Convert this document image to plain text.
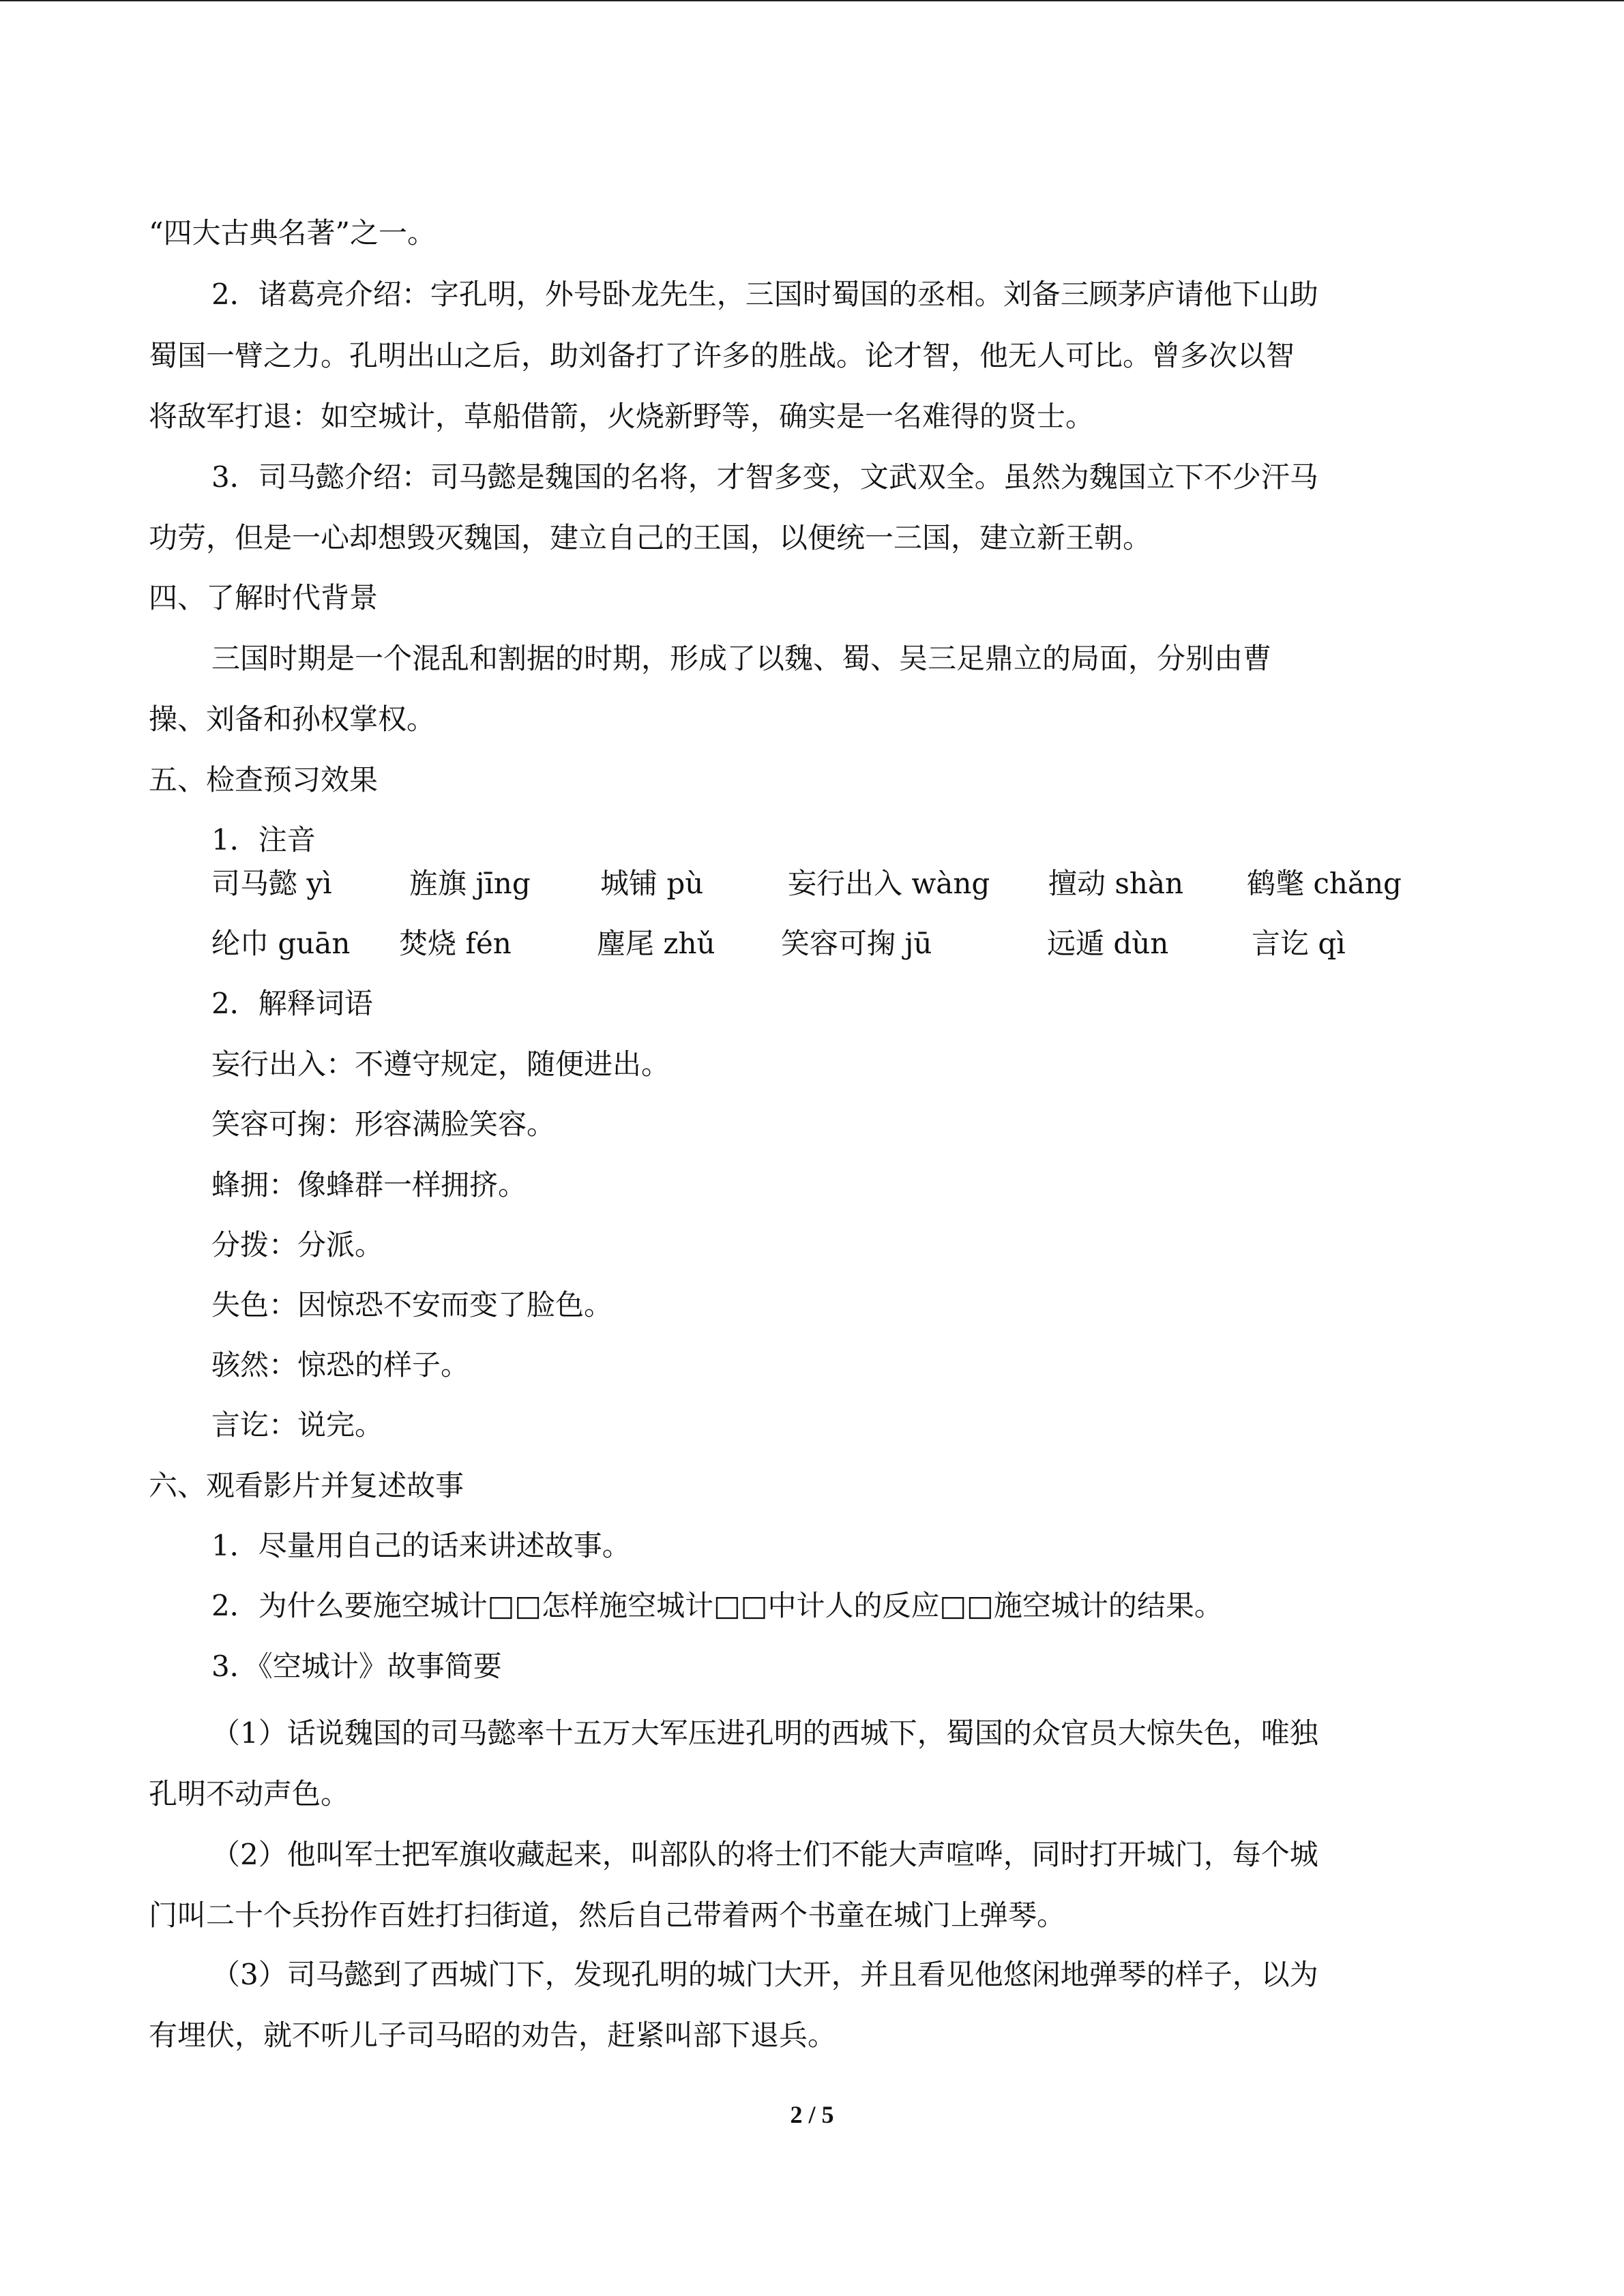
“四大古典名著”之一。
2．诸葛亮介绍：字孔明，外号卧龙先生，三国时蜀国的丞相。刘备三顾茅庐请他下山助
蜀国一臂之力。孔明出山之后，助刘备打了许多的胜战。论才智，他无人可比。曾多次以智
将敌军打退：如空城计，草船借箭，火烧新野等，确实是一名难得的贤士。
3．司马懿介绍：司马懿是魏国的名将，才智多变，文武双全。虽然为魏国立下不少汗马
功劳，但是一心却想毁灭魏国，建立自己的王国，以便统一三国，建立新王朝。
四、了解时代背景
三国时期是一个混乱和割据的时期，形成了以魏、蜀、吴三足鼎立的局面，分别由曹
操、刘备和孙权掌权。
五、检查预习效果
1．注音
司马懿 yì	旌旗 jīng 城铺 pù	妄行出入 wàng 擅动 shàn 鹤氅 chǎng
纶巾 guān 焚烧 fén	麈尾 zhǔ 笑容可掬 jū	远遁 dùn	言讫 qì
2．解释词语
妄行出入：不遵守规定，随便进出。
笑容可掬：形容满脸笑容。
蜂拥：像蜂群一样拥挤。
分拨：分派。
失色：因惊恐不安而变了脸色。
骇然：惊恐的样子。
言讫：说完。
六、观看影片并复述故事
1．尽量用自己的话来讲述故事。
2．为什么要施空城计□□怎样施空城计□□中计人的反应□□施空城计的结果。
3．《空城计》故事简要
（1）话说魏国的司马懿率十五万大军压进孔明的西城下，蜀国的众官员大惊失色，唯独
孔明不动声色。
（2）他叫军士把军旗收藏起来，叫部队的将士们不能大声喧哗，同时打开城门，每个城
门叫二十个兵扮作百姓打扫街道，然后自己带着两个书童在城门上弹琴。
（3）司马懿到了西城门下，发现孔明的城门大开，并且看见他悠闲地弹琴的样子，以为
有埋伏，就不听儿子司马昭的劝告，赶紧叫部下退兵。
2 / 5
